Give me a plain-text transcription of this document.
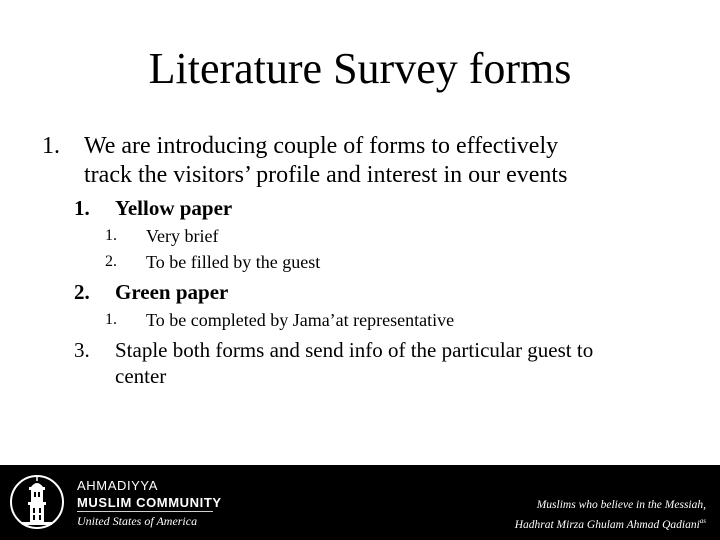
Literature Survey forms
1. We are introducing couple of forms to effectively
track the visitors’ profile and interest in our events
1. Yellow paper
1. Very brief
2. To be filled by the guest
2. Green paper
1. To be completed by Jama’at representative
3. Staple both forms and send info of the particular guest to
center
AHMADIYYA
MUSLIM COMMUNITY
United States of America
Muslims who believe in the Messiah,
Hadhrat Mirza Ghulam Ahmad Qadiani$^{as}$
